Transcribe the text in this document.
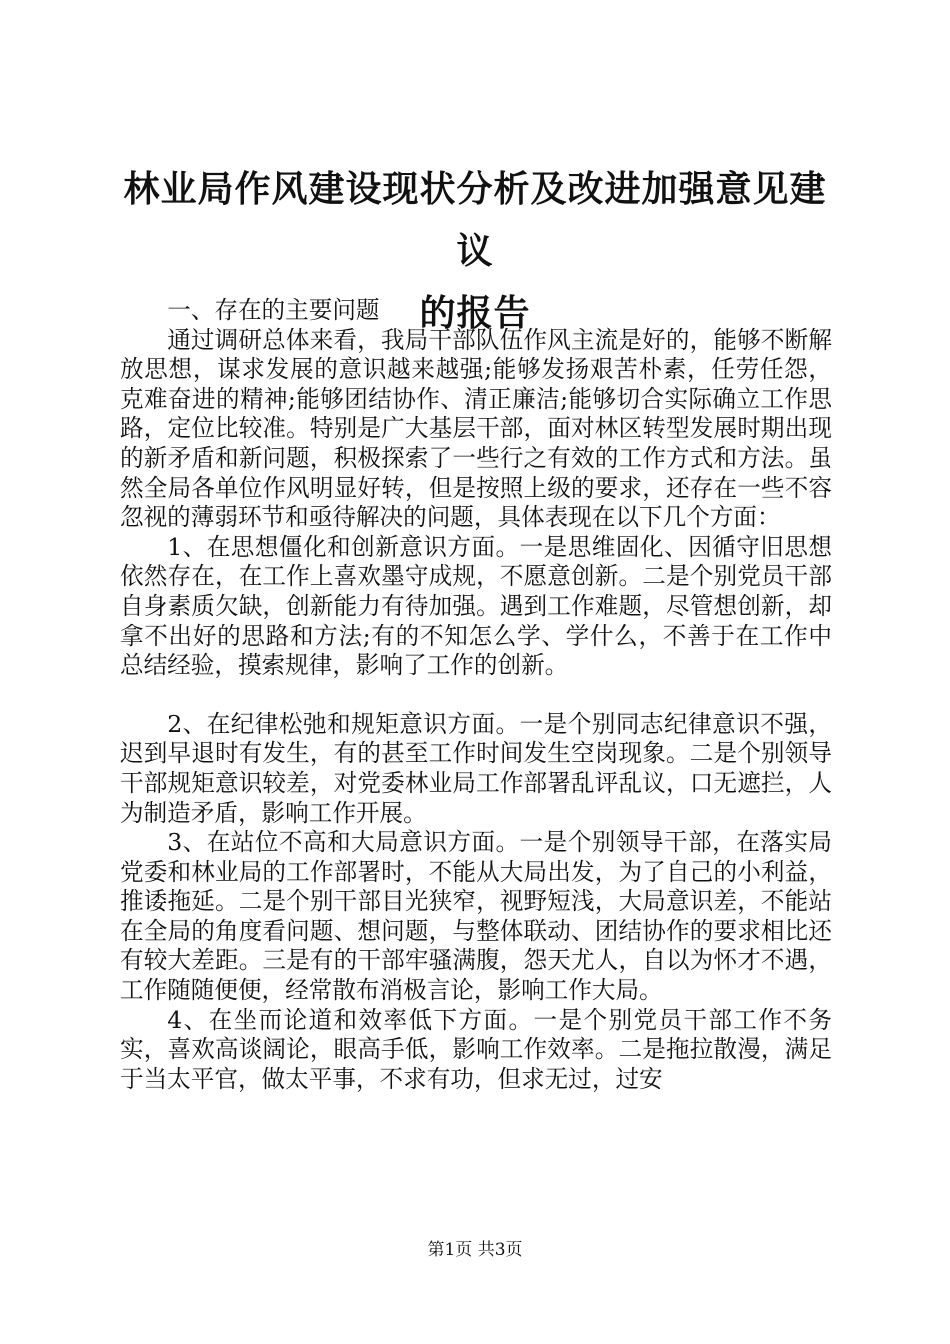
林业局作风建设现状分析及改进加强意见建议
的报告

一、存在的主要问题

通过调研总体来看，我局干部队伍作风主流是好的，能够不断解放思想，谋求发展的意识越来越强;能够发扬艰苦朴素，任劳任怨，克难奋进的精神;能够团结协作、清正廉洁;能够切合实际确立工作思路，定位比较准。特别是广大基层干部，面对林区转型发展时期出现的新矛盾和新问题，积极探索了一些行之有效的工作方式和方法。虽然全局各单位作风明显好转，但是按照上级的要求，还存在一些不容忽视的薄弱环节和亟待解决的问题，具体表现在以下几个方面：

1、在思想僵化和创新意识方面。一是思维固化、因循守旧思想依然存在，在工作上喜欢墨守成规，不愿意创新。二是个别党员干部自身素质欠缺，创新能力有待加强。遇到工作难题，尽管想创新，却拿不出好的思路和方法;有的不知怎么学、学什么，不善于在工作中总结经验，摸索规律，影响了工作的创新。

2、在纪律松弛和规矩意识方面。一是个别同志纪律意识不强，迟到早退时有发生，有的甚至工作时间发生空岗现象。二是个别领导干部规矩意识较差，对党委林业局工作部署乱评乱议，口无遮拦，人为制造矛盾，影响工作开展。

3、在站位不高和大局意识方面。一是个别领导干部，在落实局党委和林业局的工作部署时，不能从大局出发，为了自己的小利益，推诿拖延。二是个别干部目光狭窄，视野短浅，大局意识差，不能站在全局的角度看问题、想问题，与整体联动、团结协作的要求相比还有较大差距。三是有的干部牢骚满腹，怨天尤人，自以为怀才不遇，工作随随便便，经常散布消极言论，影响工作大局。

4、在坐而论道和效率低下方面。一是个别党员干部工作不务实，喜欢高谈阔论，眼高手低，影响工作效率。二是拖拉散漫，满足于当太平官，做太平事，不求有功，但求无过，过安

第1页 共3页
